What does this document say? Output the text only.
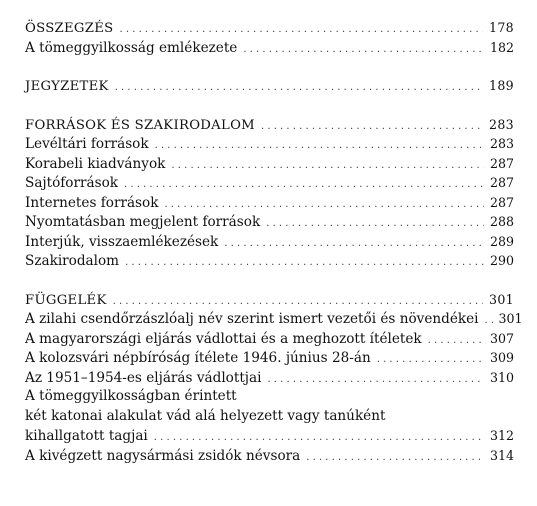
ÖSSZEGZÉS . . .	178
A tömeggyilkosság emlékezete . . .	182
JEGYZETEK . . .	189
FORRÁSOK ÉS SZAKIRODALOM . . .	283
Levéltári források . . .	283
Korabeli kiadványok . . .	287
Sajtóforrások . . .	287
Internetes források . . .	287
Nyomtatásban megjelent források . . .	288
Interjúk, visszaemlékezések . . .	289
Szakirodalom . . .	290
FÜGGELÉK . . .	301
A zilahi csendőrzászlóalj név szerint ismert vezetői és növendékei . . . 301
A magyarországi eljárás vádlottai és a meghozott ítéletek . . .	307
A kolozsvári népbíróság ítélete 1946. június 28-án . . .	309
Az 1951–1954-es eljárás vádlottjai . . .	310
A tömeggyilkosságban érintett
két katonai alakulat vád alá helyezett vagy tanúként
kihallgatott tagjai . . .	312
A kivégzett nagysármási zsidók névsora . . .	314
